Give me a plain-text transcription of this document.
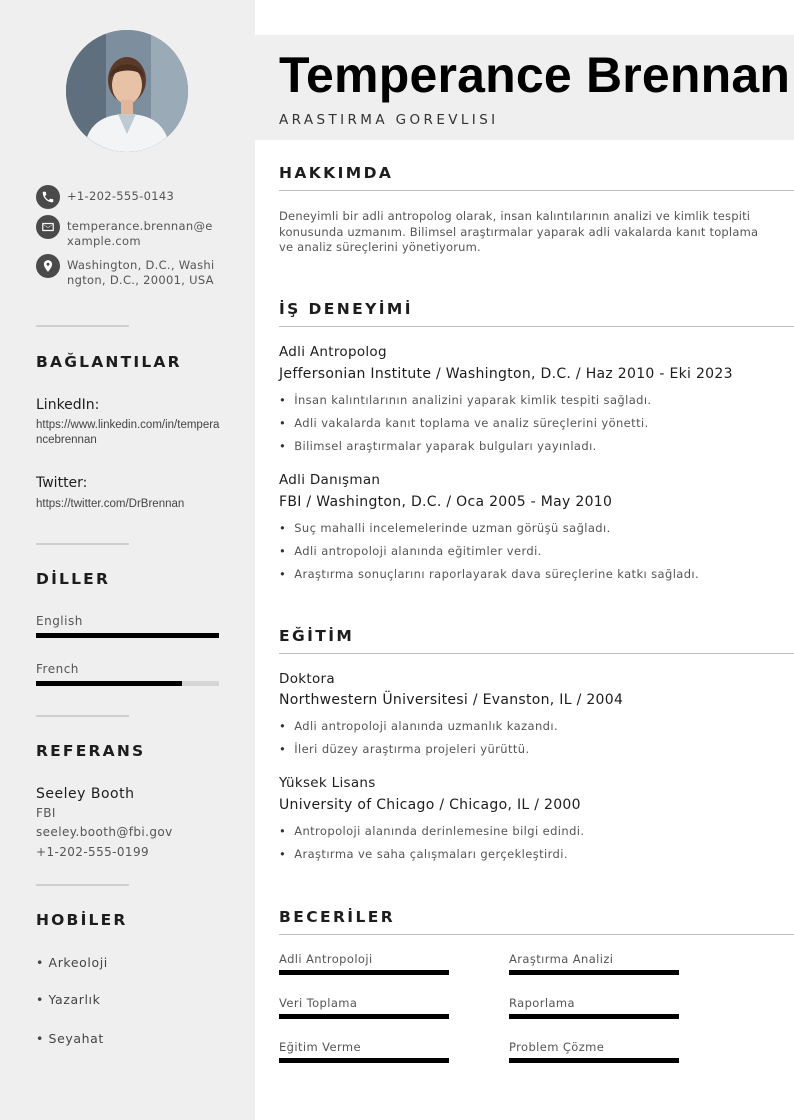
+1-202-555-0143
temperance.brennan@example.com
Washington, D.C., Washington, D.C., 20001, USA
BAĞLANTILAR
LinkedIn:
https://www.linkedin.com/in/temperancebrennan
Twitter:
https://twitter.com/DrBrennan
DİLLER
English
French
REFERANS
Seeley Booth
FBI
seeley.booth@fbi.gov
+1-202-555-0199
HOBİLER
• Arkeoloji
• Yazarlık
• Seyahat
Temperance Brennan
ARASTIRMA GOREVLISI
HAKKIMDA
Deneyimli bir adli antropolog olarak, insan kalıntılarının analizi ve kimlik tespiti konusunda uzmanım. Bilimsel araştırmalar yaparak adli vakalarda kanıt toplama ve analiz süreçlerini yönetiyorum.
İŞ DENEYİMİ
Adli Antropolog
Jeffersonian Institute / Washington, D.C. / Haz 2010 - Eki 2023
• İnsan kalıntılarının analizini yaparak kimlik tespiti sağladı.
• Adli vakalarda kanıt toplama ve analiz süreçlerini yönetti.
• Bilimsel araştırmalar yaparak bulguları yayınladı.
Adli Danışman
FBI / Washington, D.C. / Oca 2005 - May 2010
• Suç mahalli incelemelerinde uzman görüşü sağladı.
• Adli antropoloji alanında eğitimler verdi.
• Araştırma sonuçlarını raporlayarak dava süreçlerine katkı sağladı.
EĞİTİM
Doktora
Northwestern Üniversitesi / Evanston, IL / 2004
• Adli antropoloji alanında uzmanlık kazandı.
• İleri düzey araştırma projeleri yürüttü.
Yüksek Lisans
University of Chicago / Chicago, IL / 2000
• Antropoloji alanında derinlemesine bilgi edindi.
• Araştırma ve saha çalışmaları gerçekleştirdi.
BECERİLER
Adli Antropoloji	Araştırma Analizi
Veri Toplama	Raporlama
Eğitim Verme	Problem Çözme
